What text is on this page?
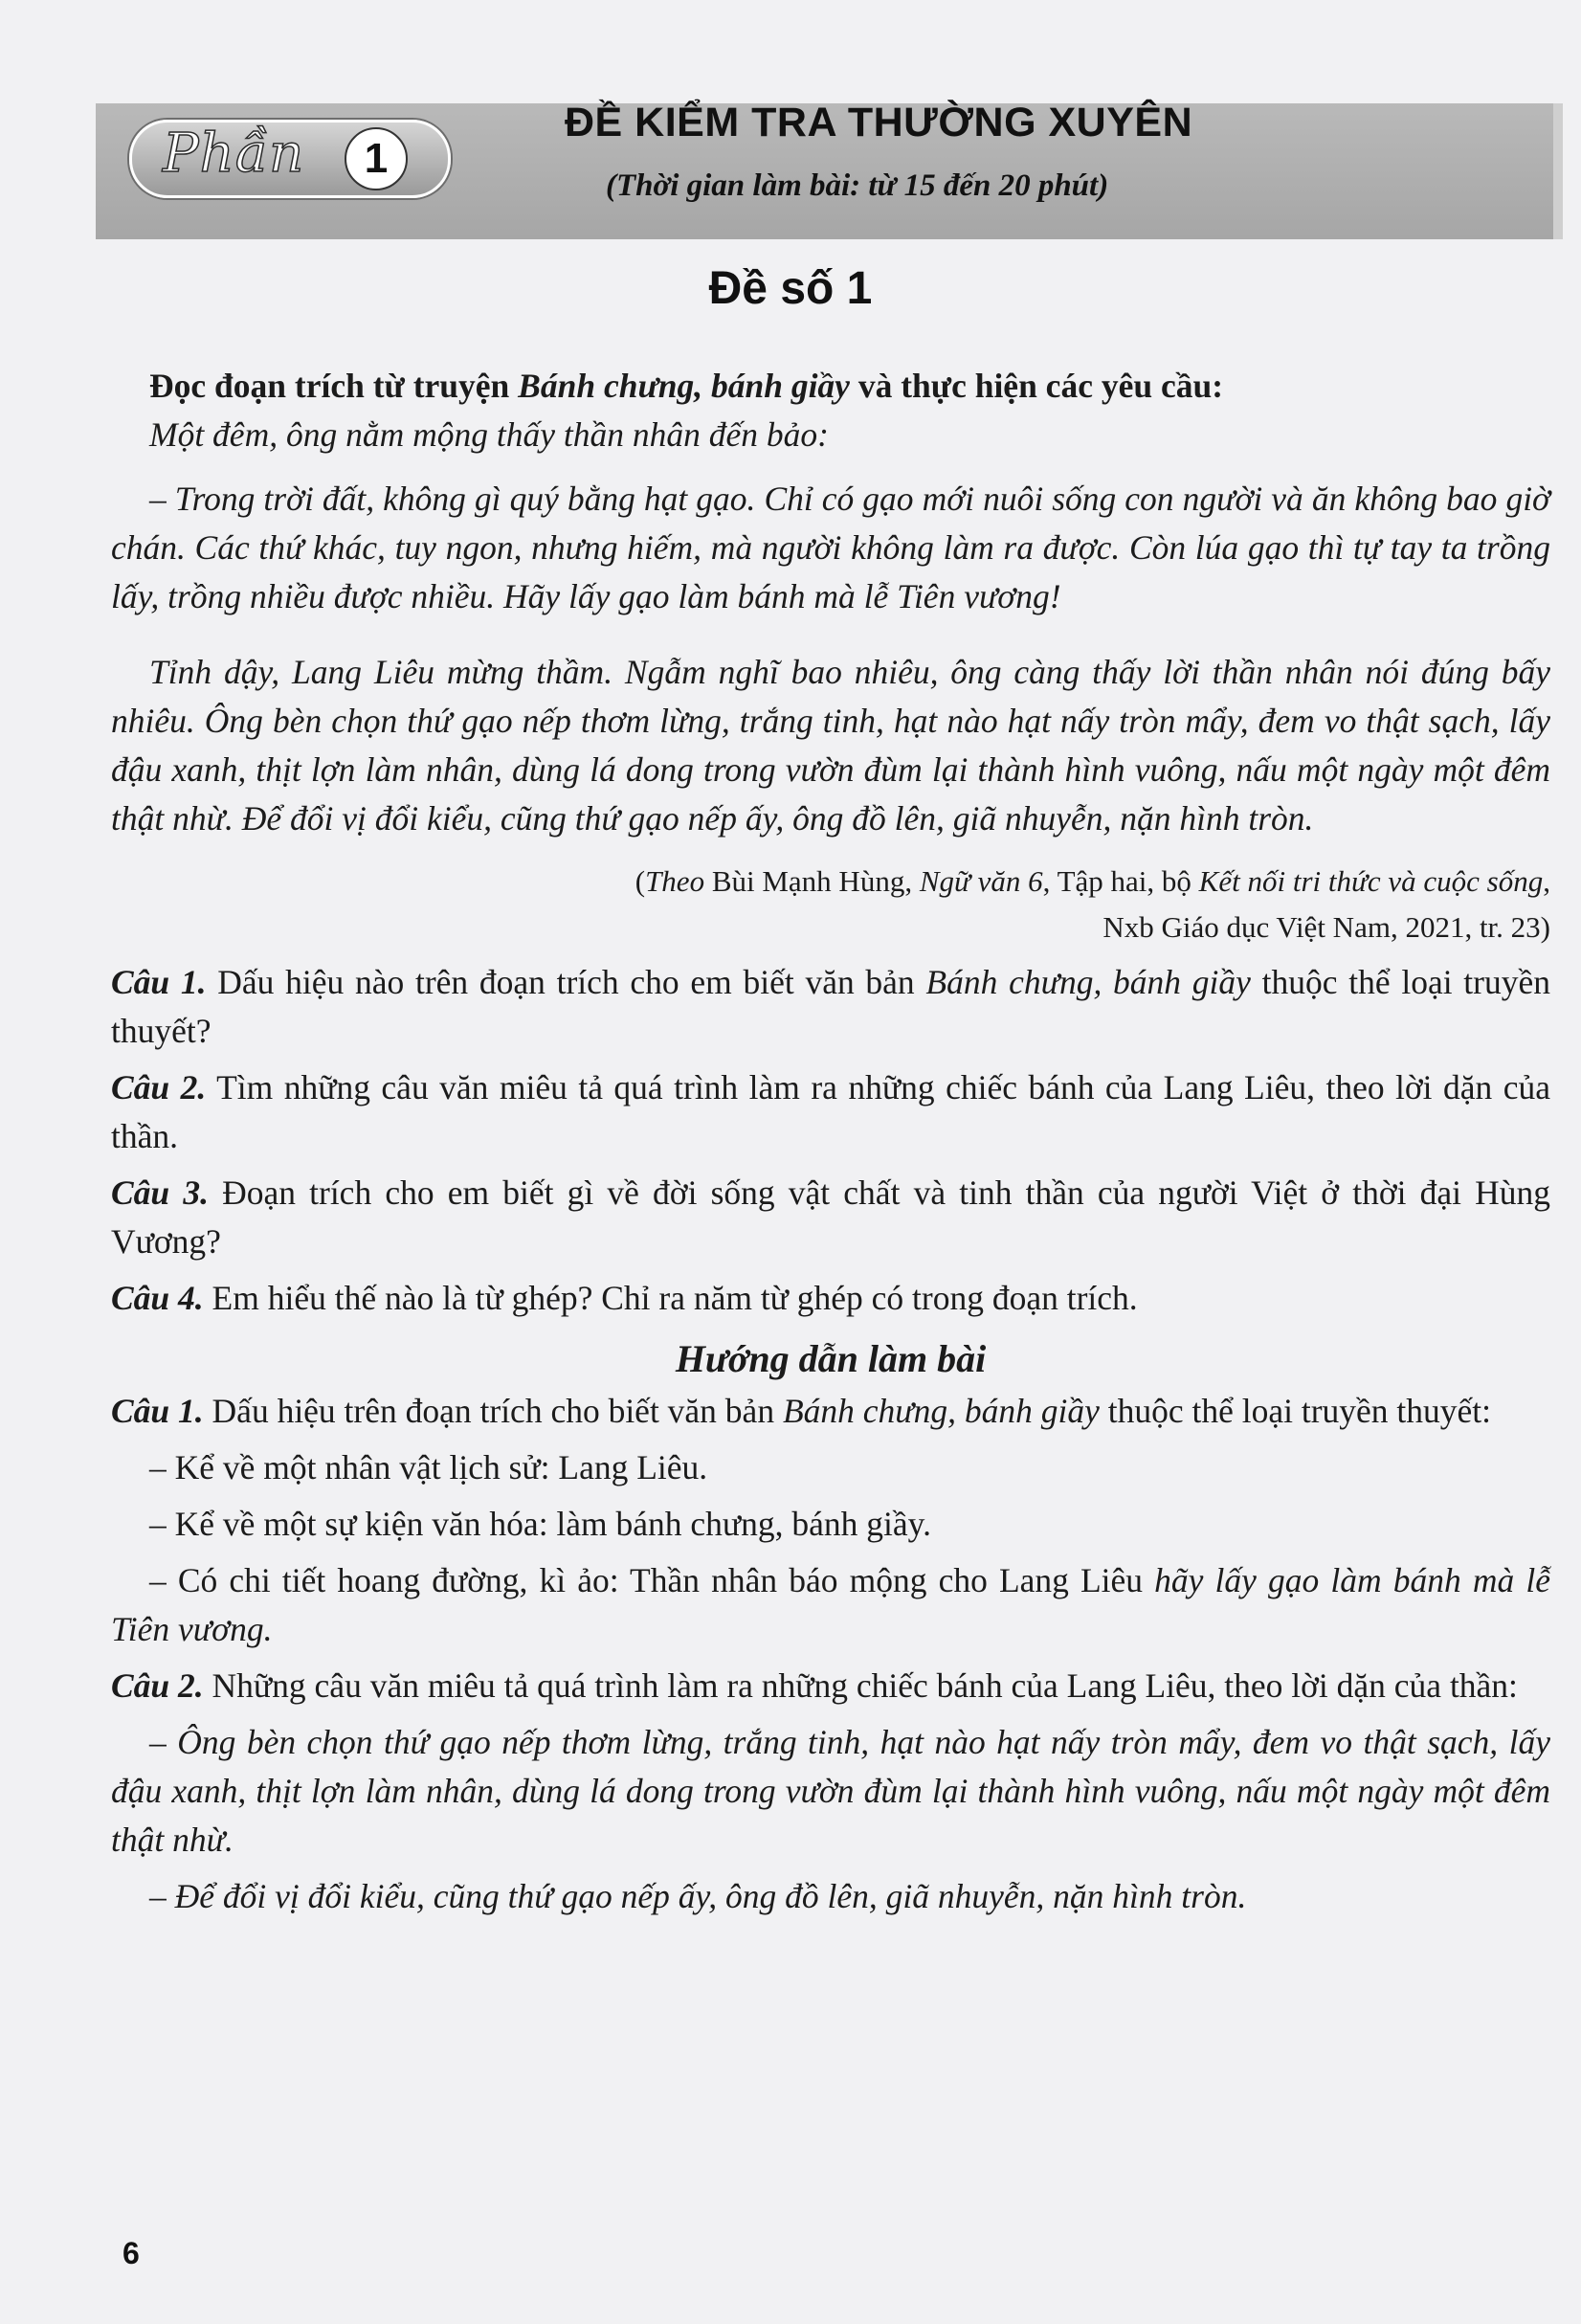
Phần	1
ĐỀ KIỂM TRA THƯỜNG XUYÊN
(Thời gian làm bài: từ 15 đến 20 phút)
Đề số 1

Đọc đoạn trích từ truyện Bánh chưng, bánh giầy và thực hiện các yêu cầu:

Một đêm, ông nằm mộng thấy thần nhân đến bảo:

– Trong trời đất, không gì quý bằng hạt gạo. Chỉ có gạo mới nuôi sống con người và ăn không bao giờ chán. Các thứ khác, tuy ngon, nhưng hiếm, mà người không làm ra được. Còn lúa gạo thì tự tay ta trồng lấy, trồng nhiều được nhiều. Hãy lấy gạo làm bánh mà lễ Tiên vương!

Tỉnh dậy, Lang Liêu mừng thầm. Ngẫm nghĩ bao nhiêu, ông càng thấy lời thần nhân nói đúng bấy nhiêu. Ông bèn chọn thứ gạo nếp thơm lừng, trắng tinh, hạt nào hạt nấy tròn mẩy, đem vo thật sạch, lấy đậu xanh, thịt lợn làm nhân, dùng lá dong trong vườn đùm lại thành hình vuông, nấu một ngày một đêm thật nhừ. Để đổi vị đổi kiểu, cũng thứ gạo nếp ấy, ông đồ lên, giã nhuyễn, nặn hình tròn.

(Theo Bùi Mạnh Hùng, Ngữ văn 6, Tập hai, bộ Kết nối tri thức và cuộc sống,

Nxb Giáo dục Việt Nam, 2021, tr. 23)

Câu 1. Dấu hiệu nào trên đoạn trích cho em biết văn bản Bánh chưng, bánh giầy thuộc thể loại truyền thuyết?

Câu 2. Tìm những câu văn miêu tả quá trình làm ra những chiếc bánh của Lang Liêu, theo lời dặn của thần.

Câu 3. Đoạn trích cho em biết gì về đời sống vật chất và tinh thần của người Việt ở thời đại Hùng Vương?

Câu 4. Em hiểu thế nào là từ ghép? Chỉ ra năm từ ghép có trong đoạn trích.

Hướng dẫn làm bài

Câu 1. Dấu hiệu trên đoạn trích cho biết văn bản Bánh chưng, bánh giầy thuộc thể loại truyền thuyết:

– Kể về một nhân vật lịch sử: Lang Liêu.

– Kể về một sự kiện văn hóa: làm bánh chưng, bánh giầy.

– Có chi tiết hoang đường, kì ảo: Thần nhân báo mộng cho Lang Liêu hãy lấy gạo làm bánh mà lễ Tiên vương.

Câu 2. Những câu văn miêu tả quá trình làm ra những chiếc bánh của Lang Liêu, theo lời dặn của thần:

– Ông bèn chọn thứ gạo nếp thơm lừng, trắng tinh, hạt nào hạt nấy tròn mẩy, đem vo thật sạch, lấy đậu xanh, thịt lợn làm nhân, dùng lá dong trong vườn đùm lại thành hình vuông, nấu một ngày một đêm thật nhừ.

– Để đổi vị đổi kiểu, cũng thứ gạo nếp ấy, ông đồ lên, giã nhuyễn, nặn hình tròn.

6
